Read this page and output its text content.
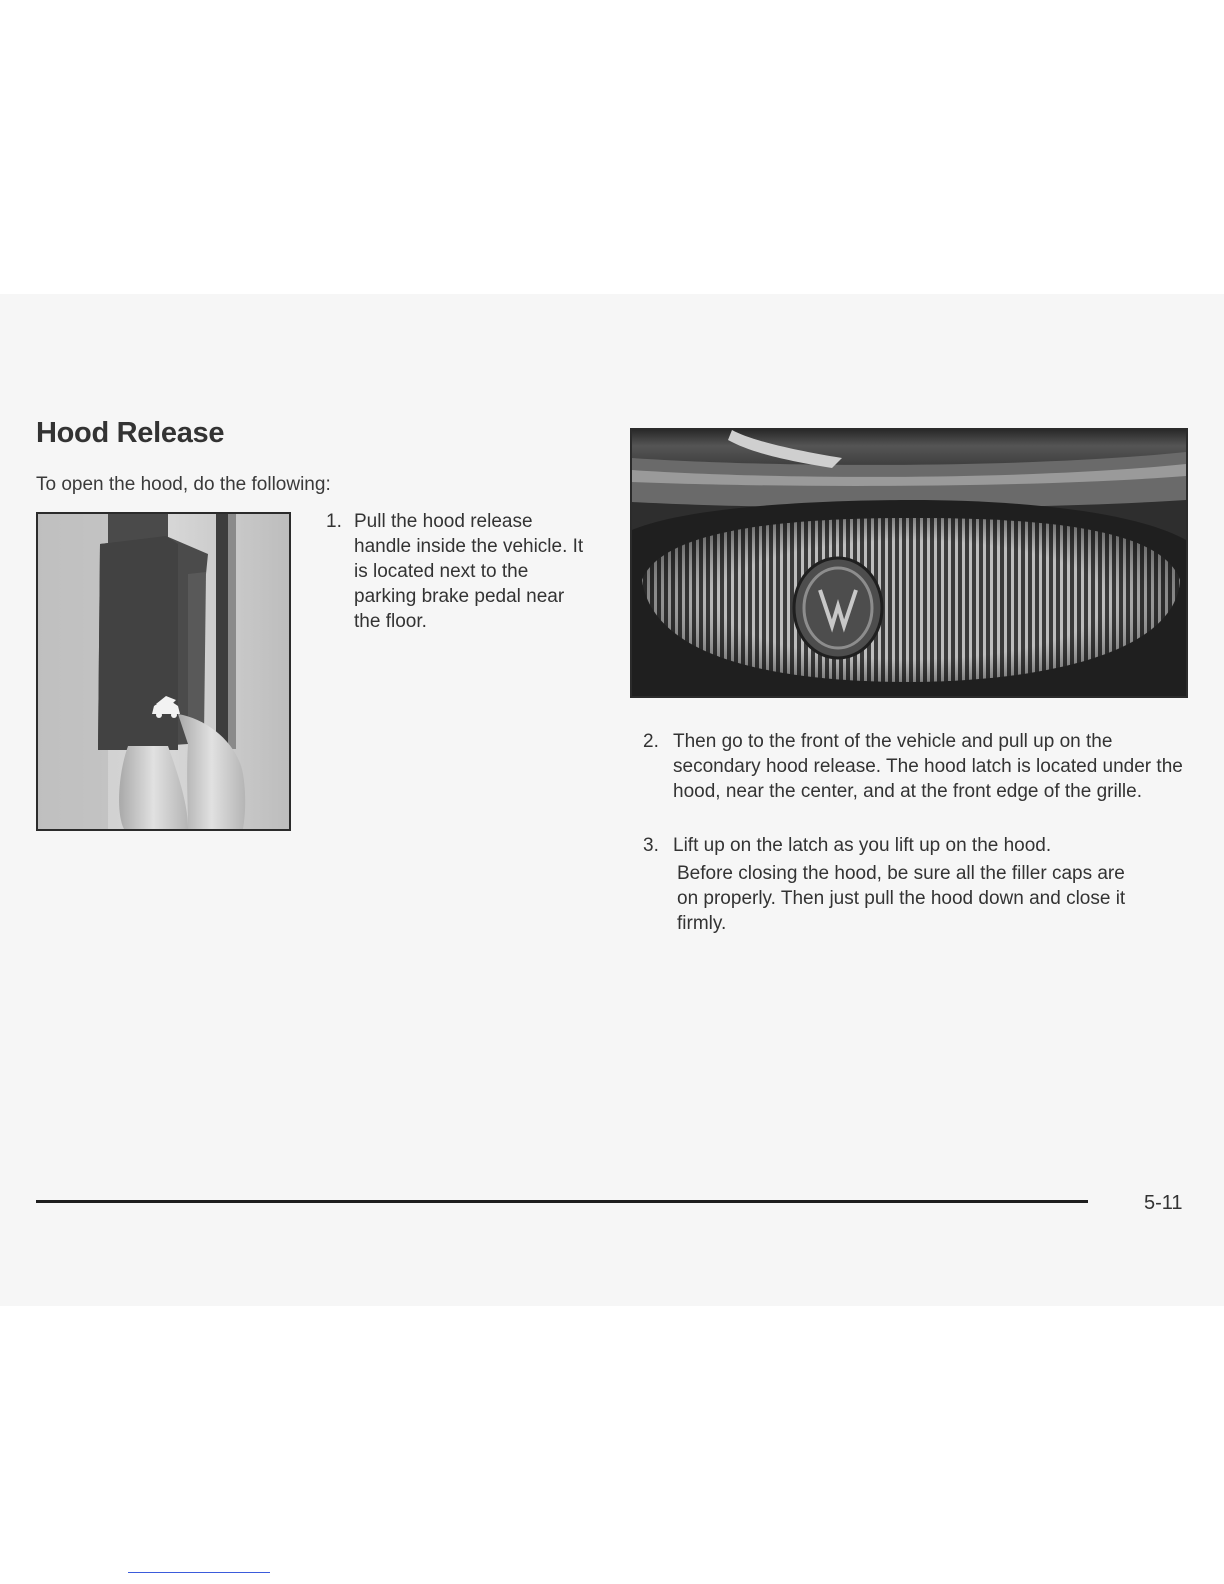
Hood Release

To open the hood, do the following:

1. Pull the hood release handle inside the vehicle. It is located next to the parking brake pedal near the floor.
2. Then go to the front of the vehicle and pull up on the secondary hood release. The hood latch is located under the hood, near the center, and at the front edge of the grille.
3. Lift up on the latch as you lift up on the hood.

Before closing the hood, be sure all the filler caps are on properly. Then just pull the hood down and close it firmly.

5-11
